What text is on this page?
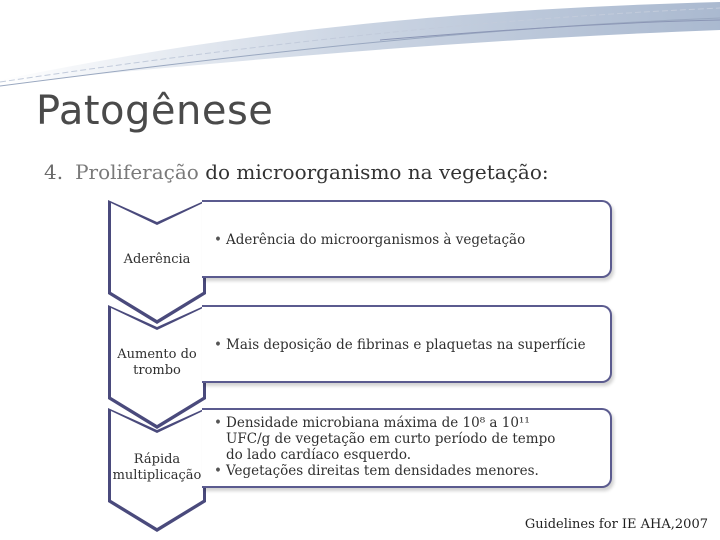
Patogênese
4. Proliferação do microorganismo na vegetação:
Aderência
• Aderência do microorganismos à vegetação
Aumento do trombo
• Mais deposição de fibrinas e plaquetas na superfície
Rápida multiplicação
• Densidade microbiana máxima de 10⁸ a 10¹¹ UFC/g de vegetação em curto período de tempo do lado cardíaco esquerdo.
• Vegetações direitas tem densidades menores.
Guidelines for IE AHA,2007
